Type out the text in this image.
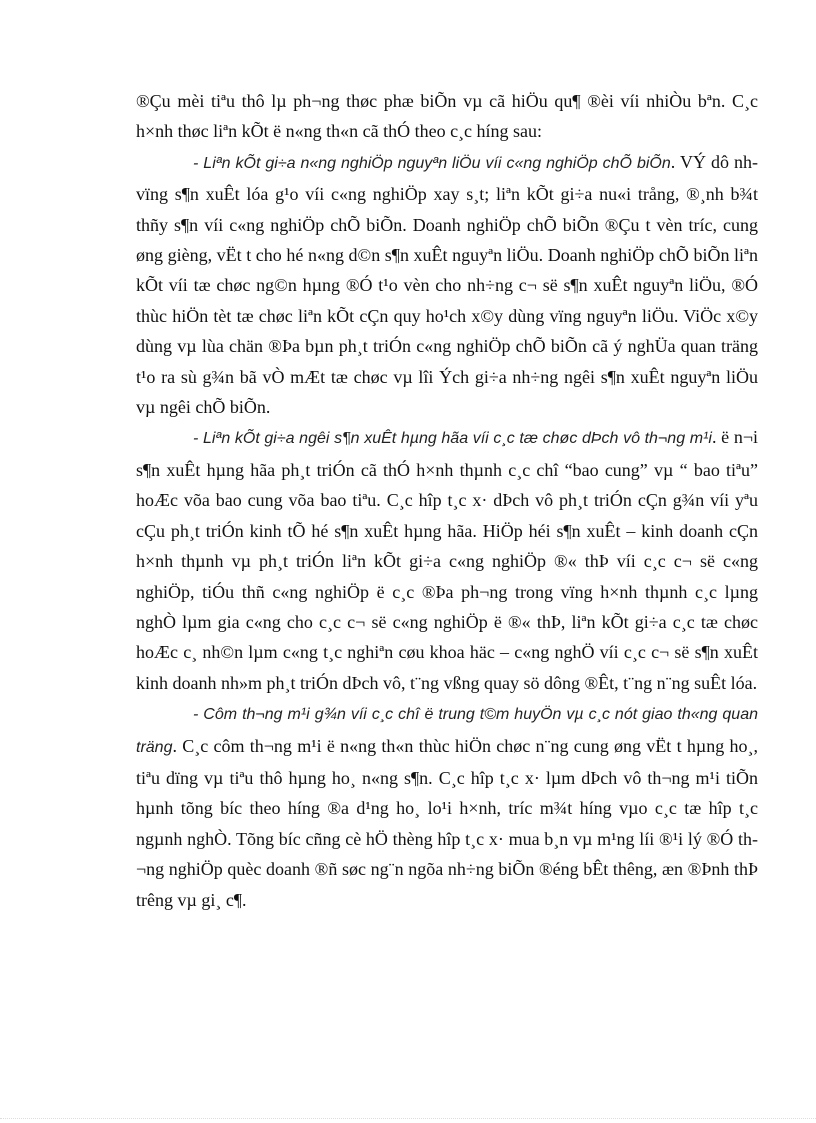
®Çu mèi tiªu thô lµ ph¬ng thøc phæ biÕn vµ cã hiÖu qu¶ ®èi víi nhiÒu bªn. C¸c h×nh thøc liªn kÕt ë n«ng th«n cã thÓ theo c¸c híng sau:

- Liªn kÕt gi÷a n«ng nghiÖp nguyªn liÖu víi c«ng nghiÖp chÕ biÕn. VÝ dô nh vïng s¶n xuÊt lóa g¹o víi c«ng nghiÖp xay s¸t; liªn kÕt gi÷a nu«i trång, ®¸nh b¾t thñy s¶n víi c«ng nghiÖp chÕ biÕn. Doanh nghiÖp chÕ biÕn ®Çu t vèn tríc, cung øng gièng, vËt t cho hé n«ng d©n s¶n xuÊt nguyªn liÖu. Doanh nghiÖp chÕ biÕn liªn kÕt víi tæ chøc ng©n hµng ®Ó t¹o vèn cho nh÷ng c¬ së s¶n xuÊt nguyªn liÖu, ®Ó thùc hiÖn tèt tæ chøc liªn kÕt cÇn quy ho¹ch x©y dùng vïng nguyªn liÖu. ViÖc x©y dùng vµ lùa chän ®Þa bµn ph¸t triÓn c«ng nghiÖp chÕ biÕn cã ý nghÜa quan träng t¹o ra sù g¾n bã vÒ mÆt tæ chøc vµ lîi Ých gi÷a nh÷ng ngêi s¶n xuÊt nguyªn liÖu vµ ngêi chÕ biÕn.

- Liªn kÕt gi÷a ngêi s¶n xuÊt hµng hãa víi c¸c tæ chøc dÞch vô th¬ng m¹i. ë n¬i s¶n xuÊt hµng hãa ph¸t triÓn cã thÓ h×nh thµnh c¸c chî “bao cung” vµ “ bao tiªu” hoÆc võa bao cung võa bao tiªu. C¸c hîp t¸c x· dÞch vô ph¸t triÓn cÇn g¾n víi yªu cÇu ph¸t triÓn kinh tÕ hé s¶n xuÊt hµng hãa. HiÖp héi s¶n xuÊt – kinh doanh cÇn h×nh thµnh vµ ph¸t triÓn liªn kÕt gi÷a c«ng nghiÖp ®« thÞ víi c¸c c¬ së c«ng nghiÖp, tiÓu thñ c«ng nghiÖp ë c¸c ®Þa ph¬ng trong vïng h×nh thµnh c¸c lµng nghÒ lµm gia c«ng cho c¸c c¬ së c«ng nghiÖp ë ®« thÞ, liªn kÕt gi÷a c¸c tæ chøc hoÆc c¸ nh©n lµm c«ng t¸c nghiªn cøu khoa häc – c«ng nghÖ víi c¸c c¬ së s¶n xuÊt kinh doanh nh»m ph¸t triÓn dÞch vô, t¨ng vßng quay sö dông ®Êt, t¨ng n¨ng suÊt lóa.

- Côm th¬ng m¹i g¾n víi c¸c chî ë trung t©m huyÖn vµ c¸c nót giao th«ng quan träng. C¸c côm th¬ng m¹i ë n«ng th«n thùc hiÖn chøc n¨ng cung øng vËt t hµng ho¸, tiªu dïng vµ tiªu thô hµng ho¸ n«ng s¶n. C¸c hîp t¸c x· lµm dÞch vô th¬ng m¹i tiÕn hµnh tõng bíc theo híng ®a d¹ng ho¸ lo¹i h×nh, tríc m¾t híng vµo c¸c tæ hîp t¸c ngµnh nghÒ. Tõng bíc cñng cè hÖ thèng hîp t¸c x· mua b¸n vµ m¹ng líi ®¹i lý ®Ó th¬ng nghiÖp quèc doanh ®ñ søc ng¨n ngõa nh÷ng biÕn ®éng bÊt thêng, æn ®Þnh thÞ trêng vµ gi¸ c¶.
